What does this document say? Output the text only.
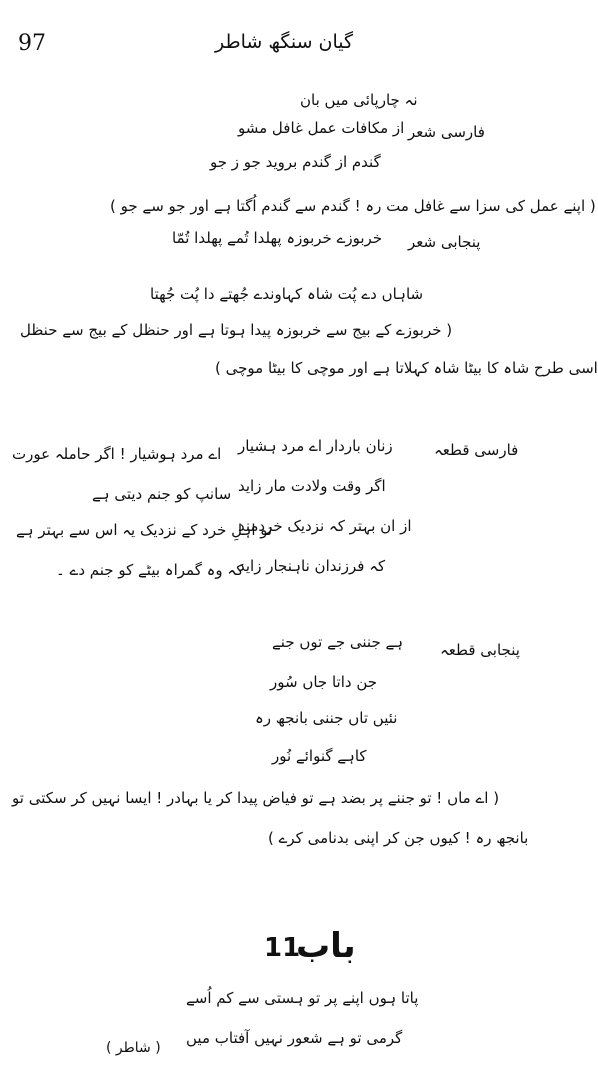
97	گیان سنگھ شاطر
نہ چارپائی میں بان
فارسی شعر
از مکافات عمل غافل مشو
گندم از گندم بروید جو ز جو
( اپنے عمل کی سزا سے غافل مت رہ ! گندم سے گندم اُگتا ہے اور جو سے جو )
پنجابی شعر
خربوزے خربوزہ پھلدا تُمے پھلدا تُمّا
شاہاں دے پُت شاہ کہاوندے جُھتے دا پُت جُھتا
( خربوزے کے بیج سے خربوزہ پیدا ہوتا ہے اور حنظل کے بیج سے حنظل
اسی طرح شاہ کا بیٹا شاہ کہلاتا ہے اور موچی کا بیٹا موچی )
فارسی قطعہ
زنان باردار اے مرد ہشیار
اگر وقت ولادت مار زاید
از ان بہتر کہ نزدیک خردمند
کہ فرزندان ناہنجار زاید
اے مرد ہوشیار ! اگر حاملہ عورت
سانپ کو جنم دیتی ہے
تو اہلِ خرد کے نزدیک یہ اس سے بہتر ہے
کہ وہ گمراہ بیٹے کو جنم دے ۔
پنجابی قطعہ
ہے جننی جے توں جنے
جن داتا جاں سُور
نئیں تاں جننی بانجھ رہ
کاہے گنوائے نُور
( اے ماں ! تو جننے پر بضد ہے تو فیاض پیدا کر یا بہادر ! ایسا نہیں کر سکتی تو
بانجھ رہ ! کیوں جن کر اپنی بدنامی کرے )
باب
11
پاتا ہوں اپنے پر تو ہستی سے کم اُسے
گرمی تو ہے شعور نہیں آفتاب میں
( شاطر )
